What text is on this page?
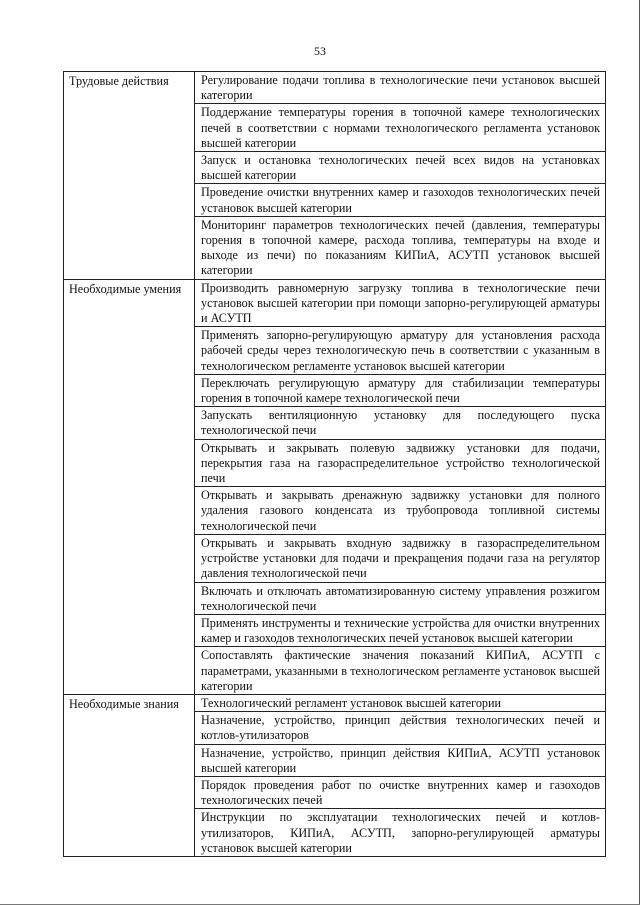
53
Трудовые действия	Регулирование подачи топлива в технологические печи установок высшей категории
	Поддержание температуры горения в топочной камере технологических печей в соответствии с нормами технологического регламента установок высшей категории
	Запуск и остановка технологических печей всех видов на установках высшей категории
	Проведение очистки внутренних камер и газоходов технологических печей установок высшей категории
	Мониторинг параметров технологических печей (давления, температуры горения в топочной камере, расхода топлива, температуры на входе и выходе из печи) по показаниям КИПиА, АСУТП установок высшей категории
Необходимые умения	Производить равномерную загрузку топлива в технологические печи установок высшей категории при помощи запорно-регулирующей арматуры и АСУТП
	Применять запорно-регулирующую арматуру для установления расхода рабочей среды через технологическую печь в соответствии с указанным в технологическом регламенте установок высшей категории
	Переключать регулирующую арматуру для стабилизации температуры горения в топочной камере технологической печи
	Запускать вентиляционную установку для последующего пуска технологической печи
	Открывать и закрывать полевую задвижку установки для подачи, перекрытия газа на газораспределительное устройство технологической печи
	Открывать и закрывать дренажную задвижку установки для полного удаления газового конденсата из трубопровода топливной системы технологической печи
	Открывать и закрывать входную задвижку в газораспределительном устройстве установки для подачи и прекращения подачи газа на регулятор давления технологической печи
	Включать и отключать автоматизированную систему управления розжигом технологической печи
	Применять инструменты и технические устройства для очистки внутренних камер и газоходов технологических печей установок высшей категории
	Сопоставлять фактические значения показаний КИПиА, АСУТП с параметрами, указанными в технологическом регламенте установок высшей категории
Необходимые знания	Технологический регламент установок высшей категории
	Назначение, устройство, принцип действия технологических печей и котлов-утилизаторов
	Назначение, устройство, принцип действия КИПиА, АСУТП установок высшей категории
	Порядок проведения работ по очистке внутренних камер и газоходов технологических печей
	Инструкции по эксплуатации технологических печей и котлов-утилизаторов, КИПиА, АСУТП, запорно-регулирующей арматуры установок высшей категории
